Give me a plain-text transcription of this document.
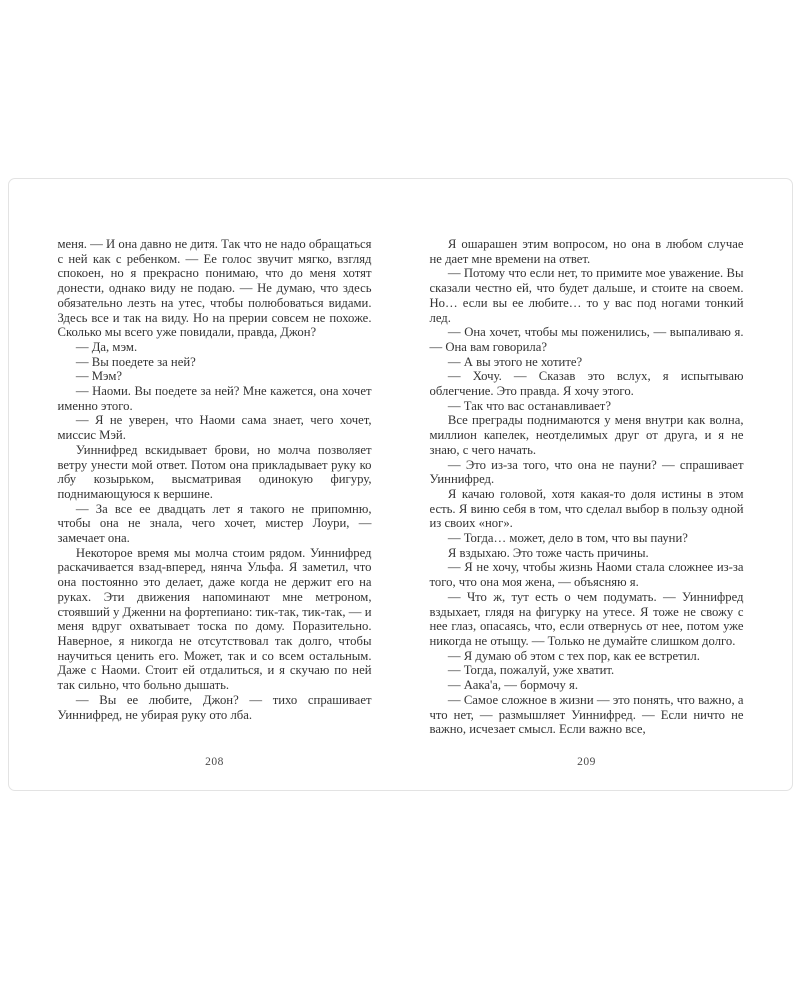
меня. — И она давно не дитя. Так что не надо обращаться с ней как с ребенком. — Ее голос звучит мягко, взгляд спокоен, но я прекрасно понимаю, что до меня хотят донести, однако виду не подаю. — Не думаю, что здесь обязательно лезть на утес, чтобы полюбоваться видами. Здесь все и так на виду. Но на прерии совсем не похоже. Сколько мы всего уже повидали, правда, Джон?

— Да, мэм.

— Вы поедете за ней?

— Мэм?

— Наоми. Вы поедете за ней? Мне кажется, она хочет именно этого.

— Я не уверен, что Наоми сама знает, чего хочет, миссис Мэй.

Уиннифред вскидывает брови, но молча позволяет ветру унести мой ответ. Потом она прикладывает руку ко лбу козырьком, высматривая одинокую фигуру, поднимающуюся к вершине.

— За все ее двадцать лет я такого не припомню, чтобы она не знала, чего хочет, мистер Лоури, — замечает она.

Некоторое время мы молча стоим рядом. Уиннифред раскачивается взад-вперед, нянча Ульфа. Я заметил, что она постоянно это делает, даже когда не держит его на руках. Эти движения напоминают мне метроном, стоявший у Дженни на фортепиано: тик-так, тик-так, — и меня вдруг охватывает тоска по дому. Поразительно. Наверное, я никогда не отсутствовал так долго, чтобы научиться ценить его. Может, так и со всем остальным. Даже с Наоми. Стоит ей отдалиться, и я скучаю по ней так сильно, что больно дышать.

— Вы ее любите, Джон? — тихо спрашивает Уиннифред, не убирая руку ото лба.

208

Я ошарашен этим вопросом, но она в любом случае не дает мне времени на ответ.

— Потому что если нет, то примите мое уважение. Вы сказали честно ей, что будет дальше, и стоите на своем. Но… если вы ее любите… то у вас под ногами тонкий лед.

— Она хочет, чтобы мы поженились, — выпаливаю я. — Она вам говорила?

— А вы этого не хотите?

— Хочу. — Сказав это вслух, я испытываю облегчение. Это правда. Я хочу этого.

— Так что вас останавливает?

Все преграды поднимаются у меня внутри как волна, миллион капелек, неотделимых друг от друга, и я не знаю, с чего начать.

— Это из-за того, что она не пауни? — спрашивает Уиннифред.

Я качаю головой, хотя какая-то доля истины в этом есть. Я виню себя в том, что сделал выбор в пользу одной из своих «ног».

— Тогда… может, дело в том, что вы пауни?

Я вздыхаю. Это тоже часть причины.

— Я не хочу, чтобы жизнь Наоми стала сложнее из-за того, что она моя жена, — объясняю я.

— Что ж, тут есть о чем подумать. — Уиннифред вздыхает, глядя на фигурку на утесе. Я тоже не свожу с нее глаз, опасаясь, что, если отвернусь от нее, потом уже никогда не отыщу. — Только не думайте слишком долго.

— Я думаю об этом с тех пор, как ее встретил.

— Тогда, пожалуй, уже хватит.

— Аака'а, — бормочу я.

— Самое сложное в жизни — это понять, что важно, а что нет, — размышляет Уиннифред. — Если ничто не важно, исчезает смысл. Если важно все,

209
